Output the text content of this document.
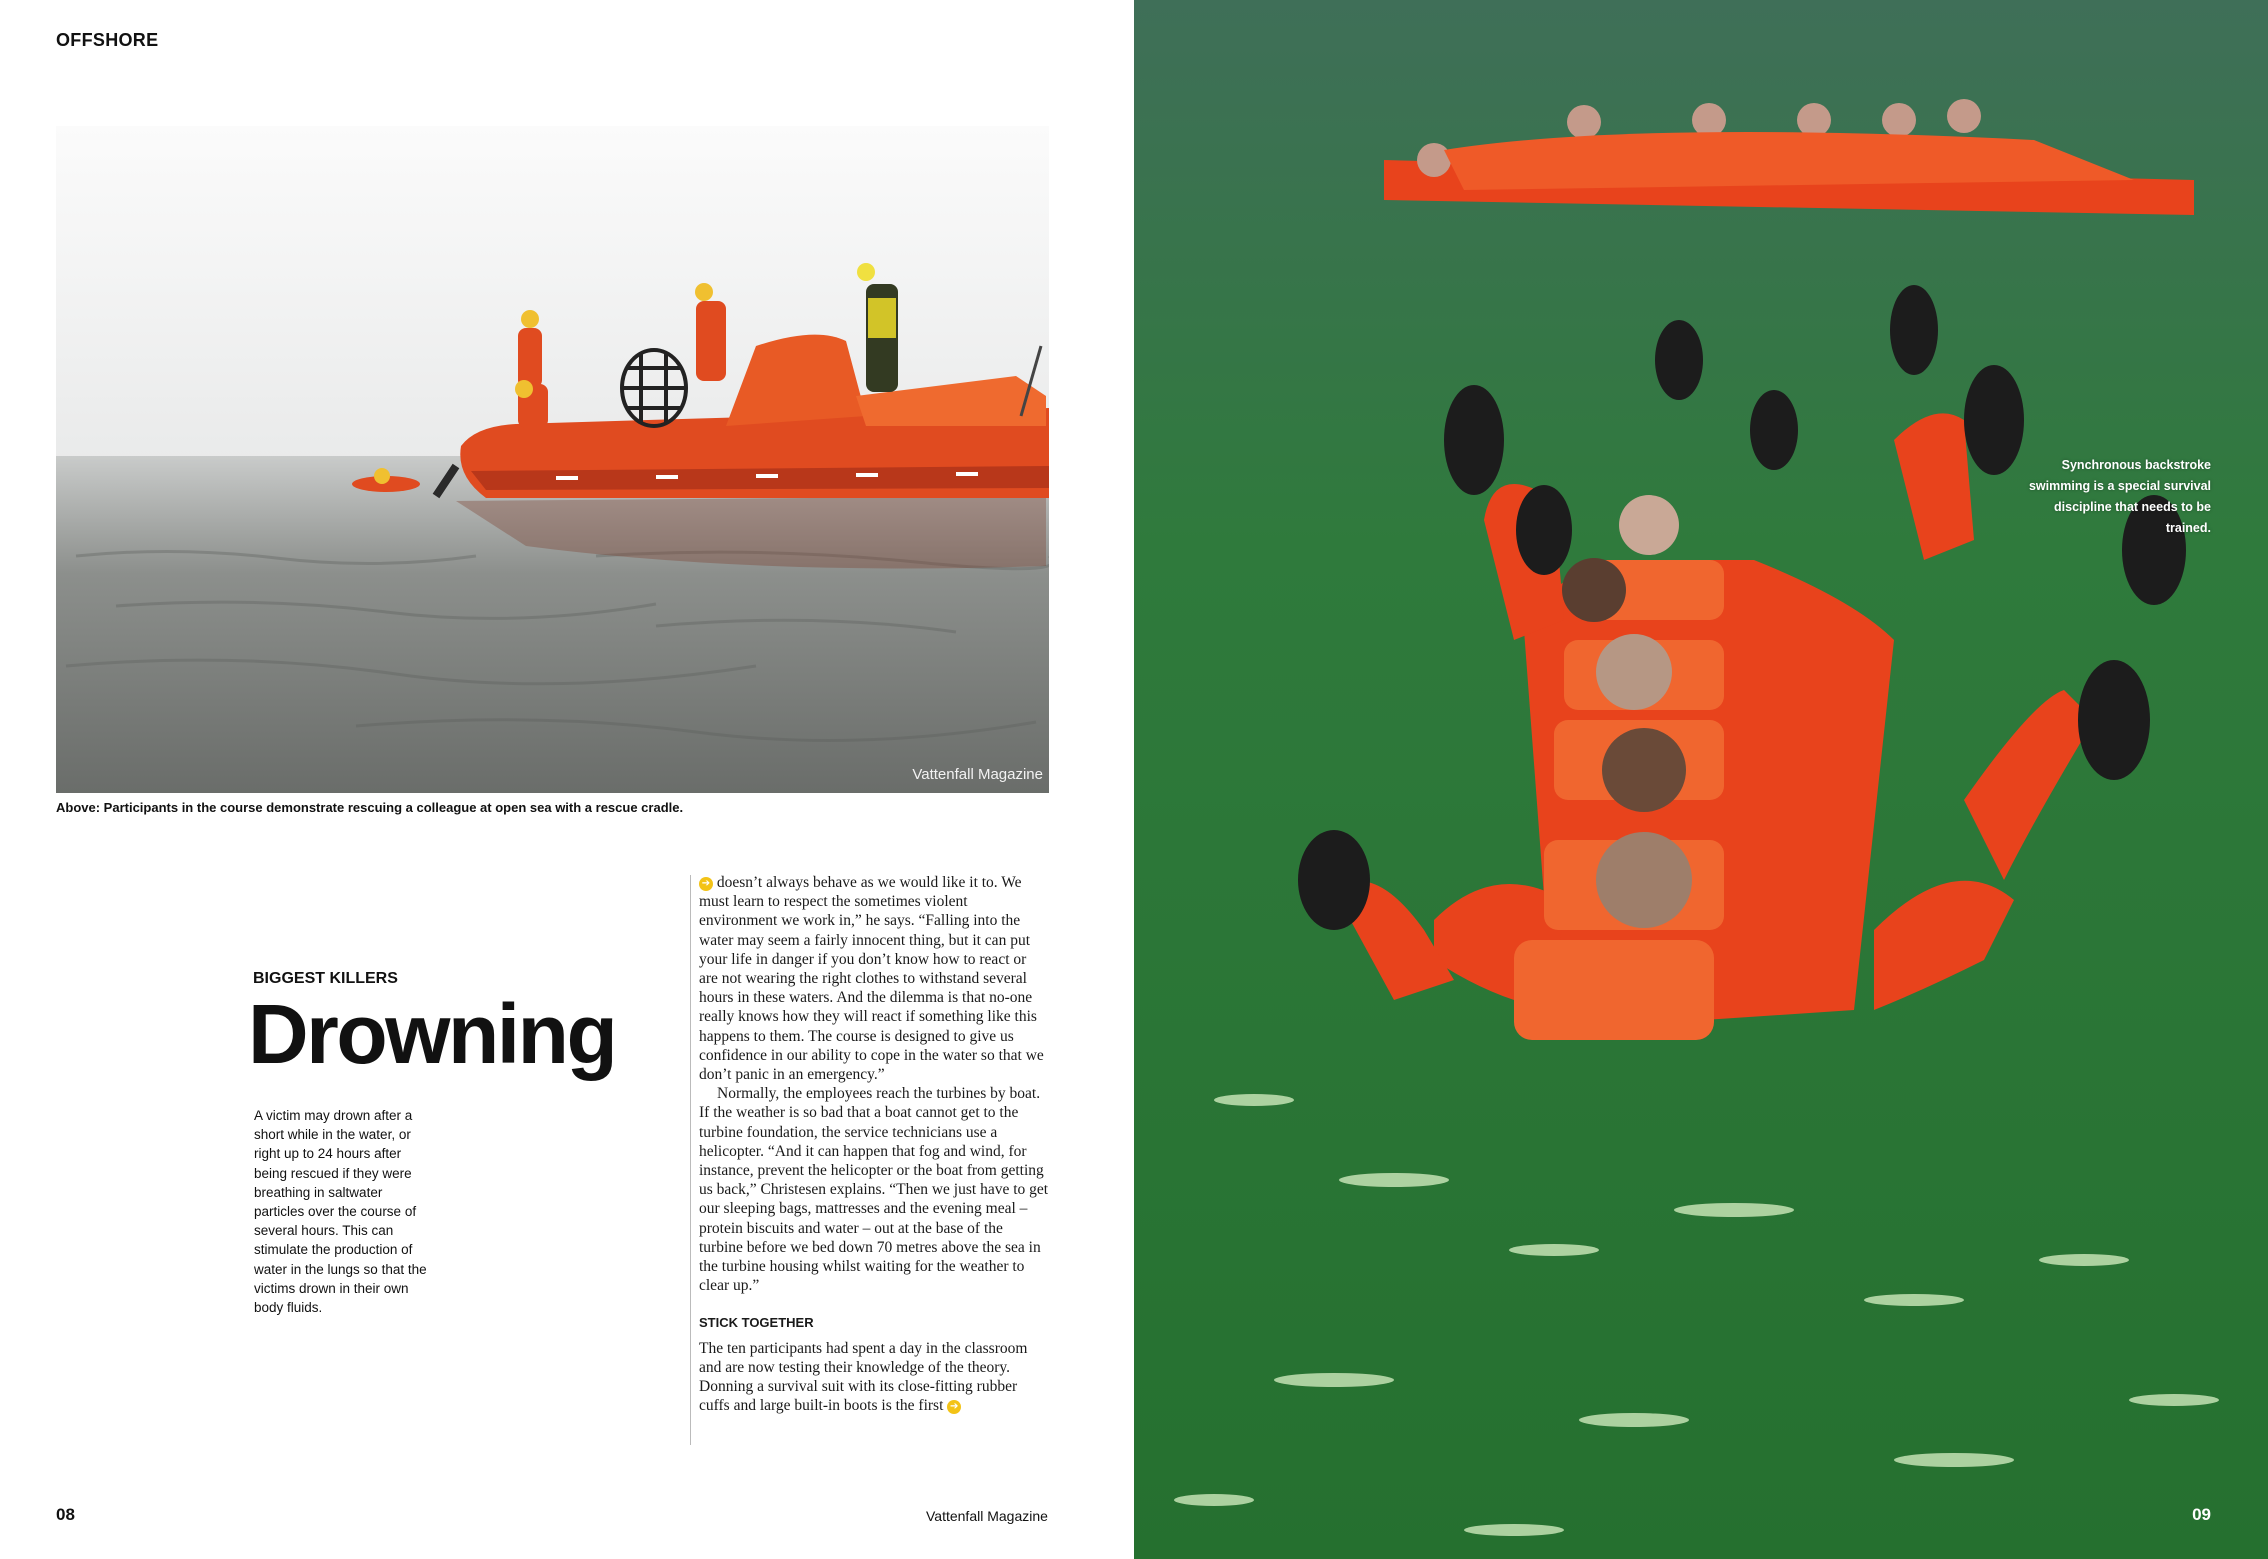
OFFSHORE
Vattenfall Magazine
Above: Participants in the course demonstrate rescuing a colleague at open sea with a rescue cradle.
BIGGEST KILLERS
Drowning
A victim may drown after a short while in the water, or right up to 24 hours after being rescued if they were breathing in saltwater particles over the course of several hours. This can stimulate the production of water in the lungs so that the victims drown in their own body fluids.

➔ doesn’t always behave as we would like it to. We must learn to respect the sometimes violent environment we work in,” he says. “Falling into the water may seem a fairly innocent thing, but it can put your life in danger if you don’t know how to react or are not wearing the right clothes to withstand several hours in these waters. And the dilemma is that no-one really knows how they will react if something like this happens to them. The course is designed to give us confidence in our ability to cope in the water so that we don’t panic in an emergency.”

Normally, the employees reach the turbines by boat. If the weather is so bad that a boat cannot get to the turbine foundation, the service technicians use a helicopter. “And it can happen that fog and wind, for instance, prevent the helicopter or the boat from getting us back,” Christesen explains. “Then we just have to get our sleeping bags, mattresses and the evening meal – protein biscuits and water – out at the base of the turbine before we bed down 70 metres above the sea in the turbine housing whilst waiting for the weather to clear up.”

STICK TOGETHER

The ten participants had spent a day in the classroom and are now testing their knowledge of the theory. Donning a survival suit with its close-fitting rubber cuffs and large built-in boots is the first ➔

08	Vattenfall Magazine
Synchronous backstroke swimming is a special survival discipline that needs to be trained.
09
